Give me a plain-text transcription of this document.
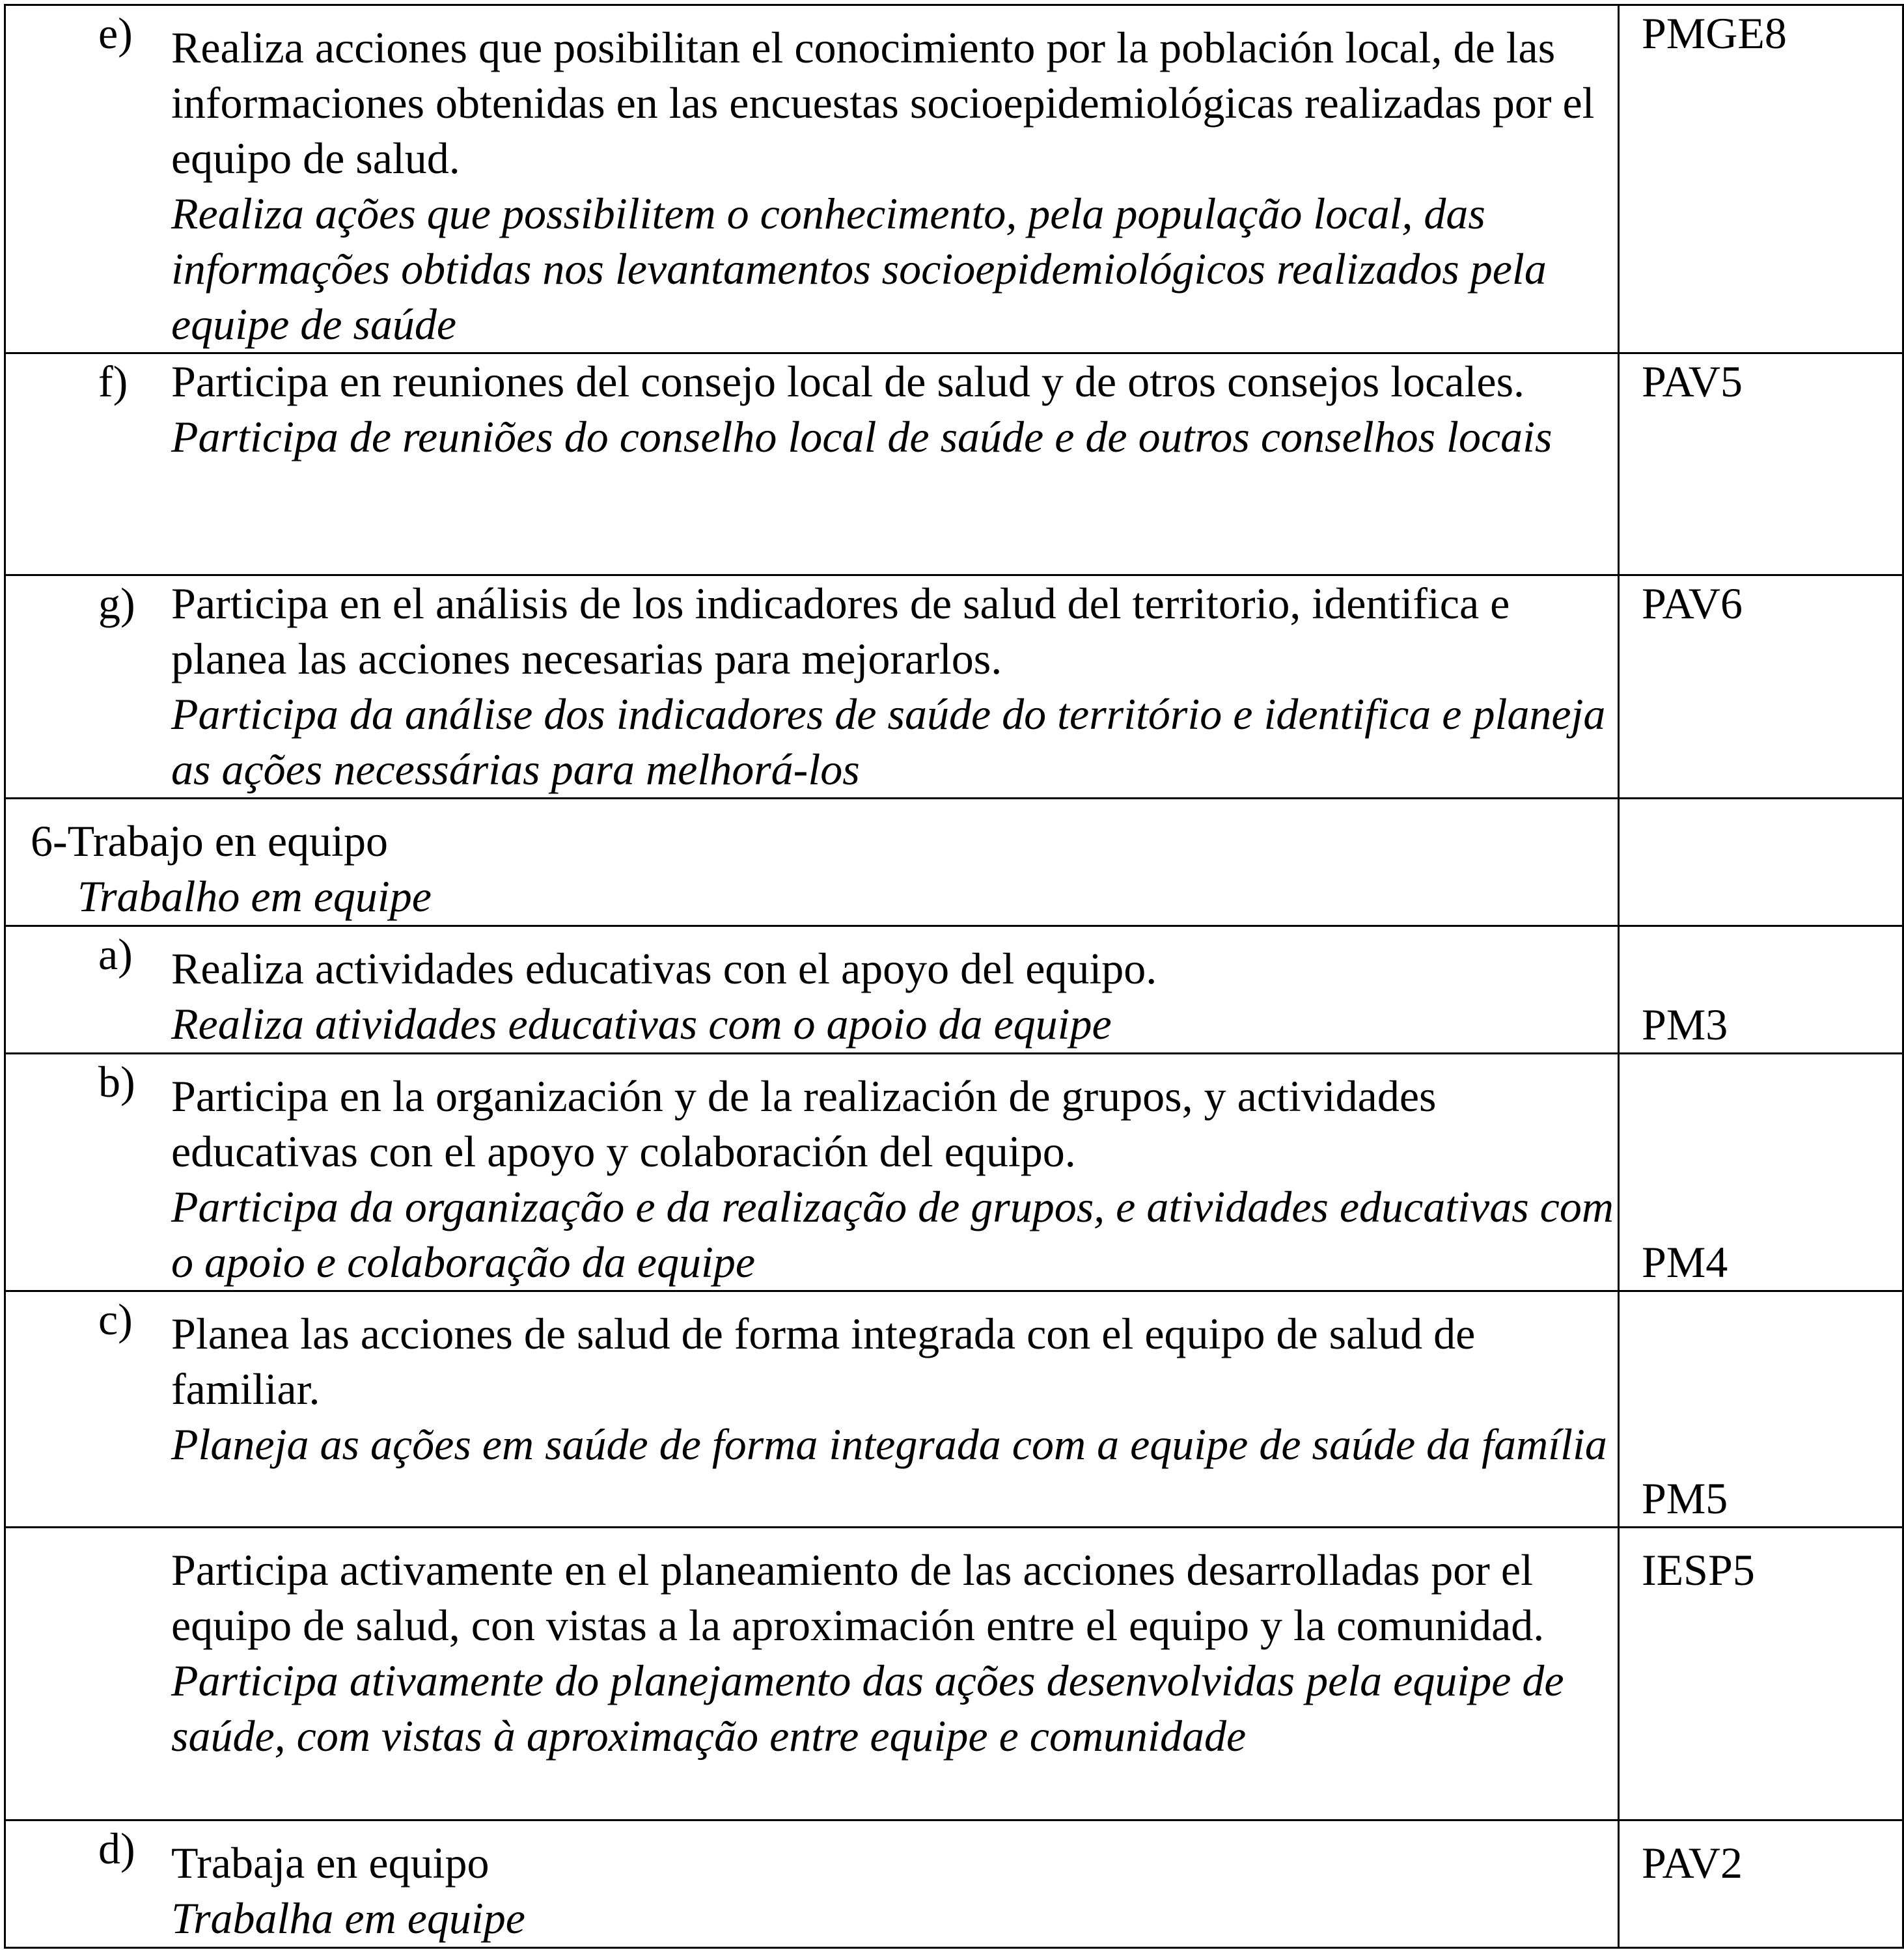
e) Realiza acciones que posibilitan el conocimiento por la población local, de las informaciones obtenidas en las encuestas socioepidemiológicas realizadas por el equipo de salud.
Realiza ações que possibilitem o conhecimento, pela população local, das informações obtidas nos levantamentos socioepidemiológicos realizados pela equipe de saúde	PMGE8

f) Participa en reuniones del consejo local de salud y de otros consejos locales.
Participa de reuniões do conselho local de saúde e de outros conselhos locais	PAV5

g) Participa en el análisis de los indicadores de salud del territorio, identifica e planea las acciones necesarias para mejorarlos.
Participa da análise dos indicadores de saúde do território e identifica e planeja as ações necessárias para melhorá-los	PAV6

6-Trabajo en equipo
Trabalho em equipe	

a) Realiza actividades educativas con el apoyo del equipo.
Realiza atividades educativas com o apoio da equipe	PM3

b) Participa en la organización y de la realización de grupos, y actividades educativas con el apoyo y colaboración del equipo.
Participa da organização e da realização de grupos, e atividades educativas com o apoio e colaboração da equipe	PM4

c) Planea las acciones de salud de forma integrada con el equipo de salud de familiar.
Planeja as ações em saúde de forma integrada com a equipe de saúde da família	PM5

Participa activamente en el planeamiento de las acciones desarrolladas por el equipo de salud, con vistas a la aproximación entre el equipo y la comunidad.
Participa ativamente do planejamento das ações desenvolvidas pela equipe de saúde, com vistas à aproximação entre equipe e comunidade	IESP5

d) Trabaja en equipo
Trabalha em equipe	PAV2
